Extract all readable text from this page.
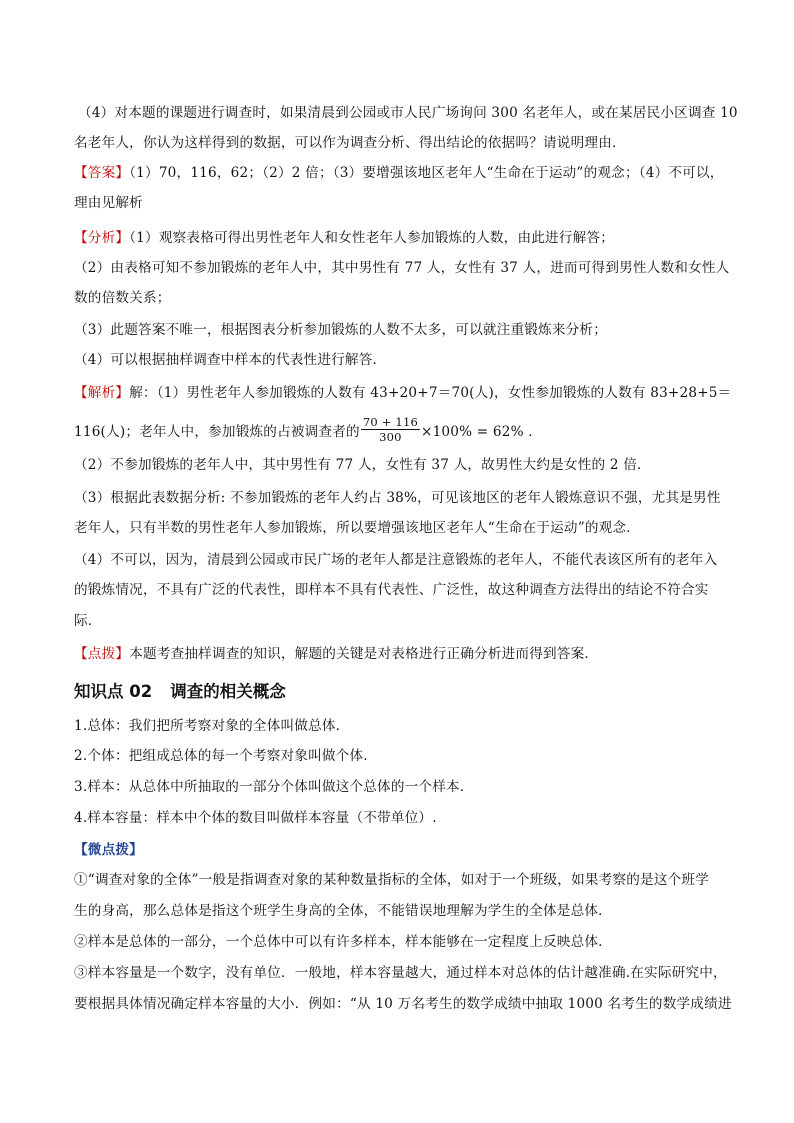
（4）对本题的课题进行调查时，如果清晨到公园或市人民广场询问 300 名老年人，或在某居民小区调查 10
名老年人，你认为这样得到的数据，可以作为调查分析、得出结论的依据吗？请说明理由．
【答案】（1）70，116，62；（2）2 倍；（3）要增强该地区老年人“生命在于运动”的观念；（4）不可以，
理由见解析
【分析】（1）观察表格可得出男性老年人和女性老年人参加锻炼的人数，由此进行解答；
（2）由表格可知不参加锻炼的老年人中，其中男性有 77 人，女性有 37 人，进而可得到男性人数和女性人
数的倍数关系；
（3）此题答案不唯一，根据图表分析参加锻炼的人数不太多，可以就注重锻炼来分析；
（4）可以根据抽样调查中样本的代表性进行解答．
【解析】解：（1）男性老年人参加锻炼的人数有 43+20+7＝70(人)，女性参加锻炼的人数有 83+28+5＝
116(人)；老年人中，参加锻炼的占被调查者的 $\frac{70 + 116}{300} \times 100\% = 62\%$ ．
（2）不参加锻炼的老年人中，其中男性有 77 人，女性有 37 人，故男性大约是女性的 2 倍．
（3）根据此表数据分析: 不参加锻炼的老年人约占 38%，可见该地区的老年人锻炼意识不强，尤其是男性
老年人，只有半数的男性老年人参加锻炼，所以要增强该地区老年人“生命在于运动”的观念．
（4）不可以，因为，清晨到公园或市民广场的老年人都是注意锻炼的老年人，不能代表该区所有的老年入
的锻炼情况，不具有广泛的代表性，即样本不具有代表性、广泛性，故这种调查方法得出的结论不符合实
际．
【点拨】本题考查抽样调查的知识，解题的关键是对表格进行正确分析进而得到答案．
知识点 02 调查的相关概念
1.总体：我们把所考察对象的全体叫做总体.
2.个体：把组成总体的每一个考察对象叫做个体.
3.样本：从总体中所抽取的一部分个体叫做这个总体的一个样本.
4.样本容量：样本中个体的数目叫做样本容量（不带单位）.
【微点拨】
①“调查对象的全体”一般是指调查对象的某种数量指标的全体，如对于一个班级，如果考察的是这个班学
生的身高，那么总体是指这个班学生身高的全体，不能错误地理解为学生的全体是总体．
②样本是总体的一部分，一个总体中可以有许多样本，样本能够在一定程度上反映总体.
③样本容量是一个数字，没有单位．一般地，样本容量越大，通过样本对总体的估计越准确.在实际研究中，
要根据具体情况确定样本容量的大小．例如：“从 10 万名考生的数学成绩中抽取 1000 名考生的数学成绩进
